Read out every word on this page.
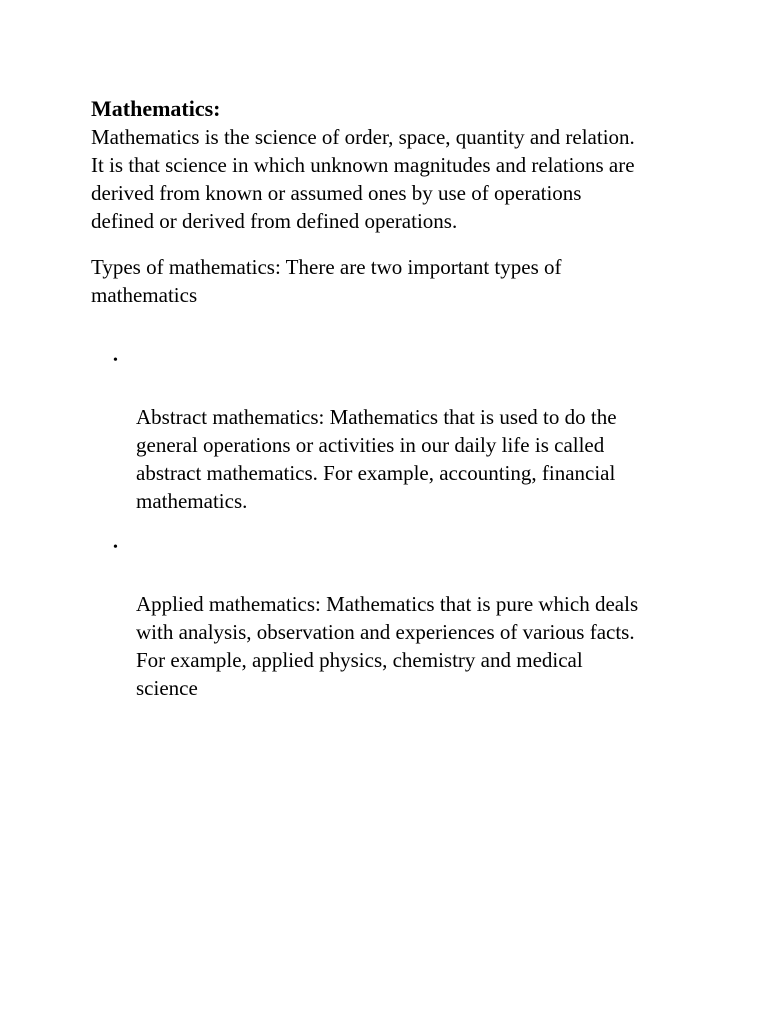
Mathematics:

Mathematics is the science of order, space, quantity and relation.
It is that science in which unknown magnitudes and relations are
derived from known or assumed ones by use of operations
defined or derived from defined operations.

Types of mathematics: There are two important types of
mathematics

•

Abstract mathematics: Mathematics that is used to do the
general operations or activities in our daily life is called
abstract mathematics. For example, accounting, financial
mathematics.

•

Applied mathematics: Mathematics that is pure which deals
with analysis, observation and experiences of various facts.
For example, applied physics, chemistry and medical
science
